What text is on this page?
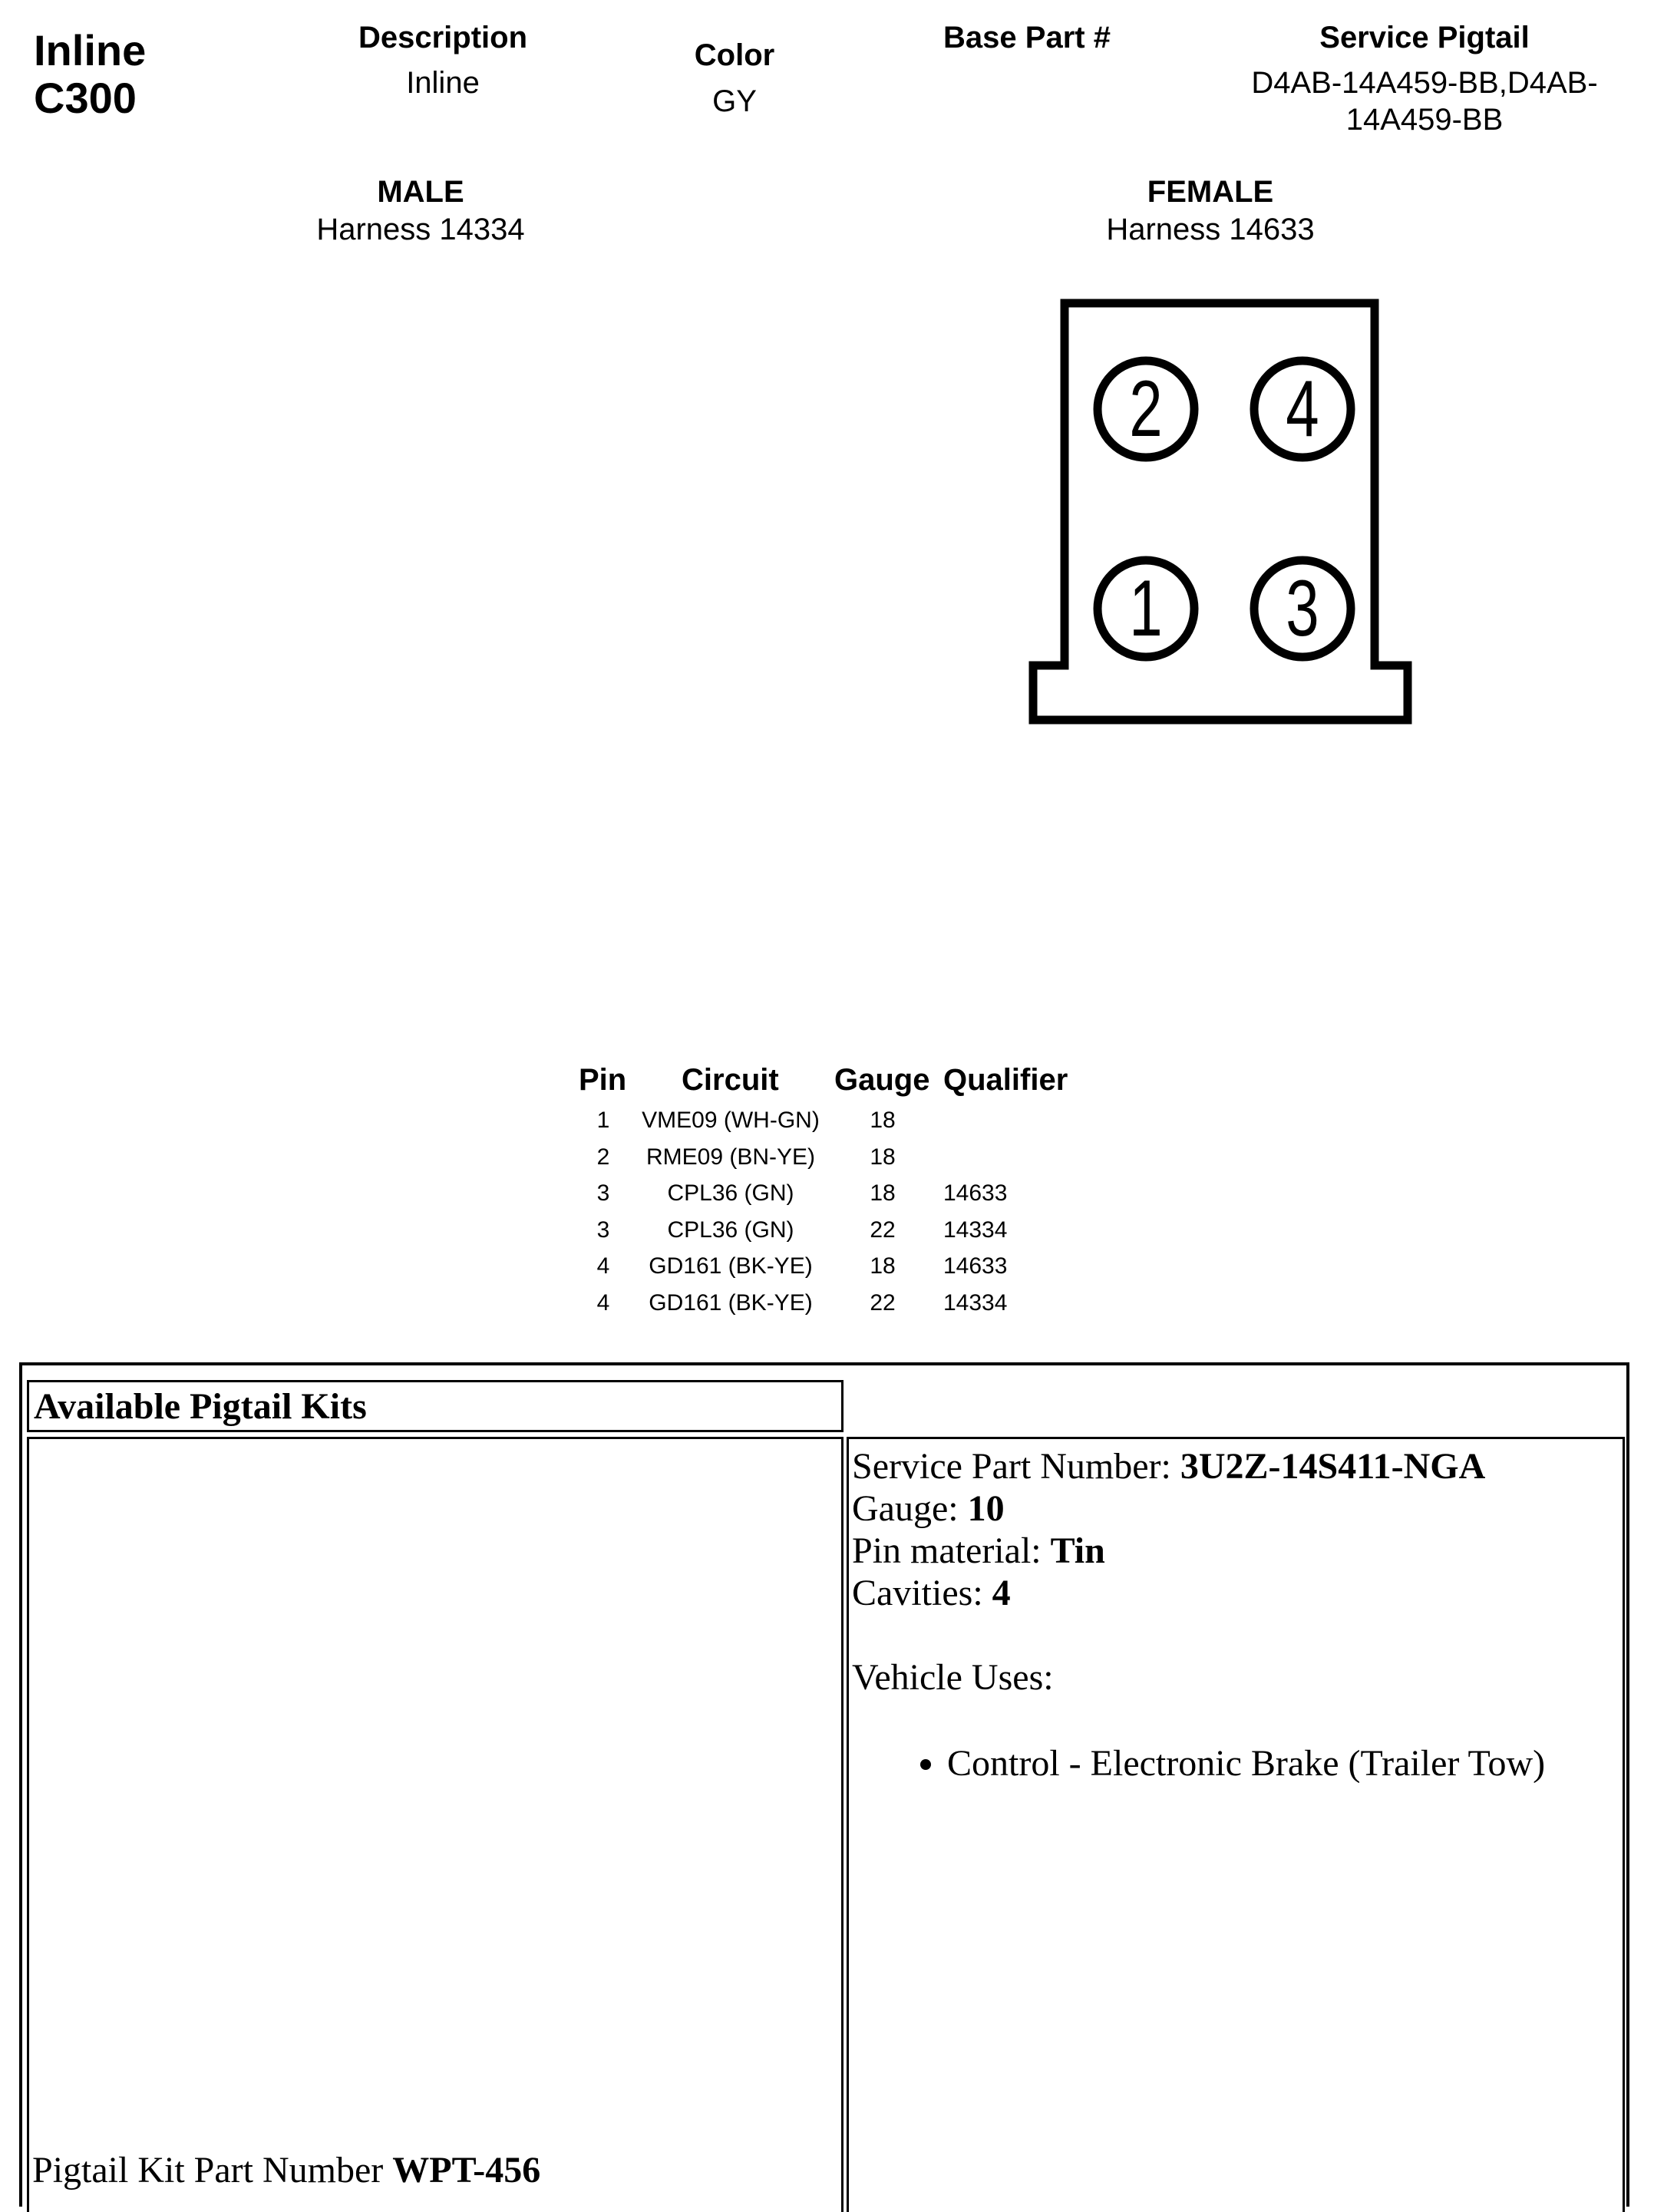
Inline
C300
Description
Inline
Color
GY
Base Part #	Service Pigtail
D4AB-14A459-BB,D4AB-
14A459-BB
MALE
Harness 14334
FEMALE
Harness 14633
2 4
1 3
Pin Circuit Gauge Qualifier
1 VME09 (WH-GN) 18
2 RME09 (BN-YE) 18
3	CPL36 (GN)	18 14633
3	CPL36 (GN)	22 14334
4 GD161 (BK-YE) 18 14633
4 GD161 (BK-YE) 22 14334
Available Pigtail Kits
Pigtail Kit Part Number WPT-456
Service Part Number: 3U2Z-14S411-NGA
Gauge: 10
Pin material: Tin
Cavities: 4
Vehicle Uses:
• Control - Electronic Brake (Trailer Tow)
